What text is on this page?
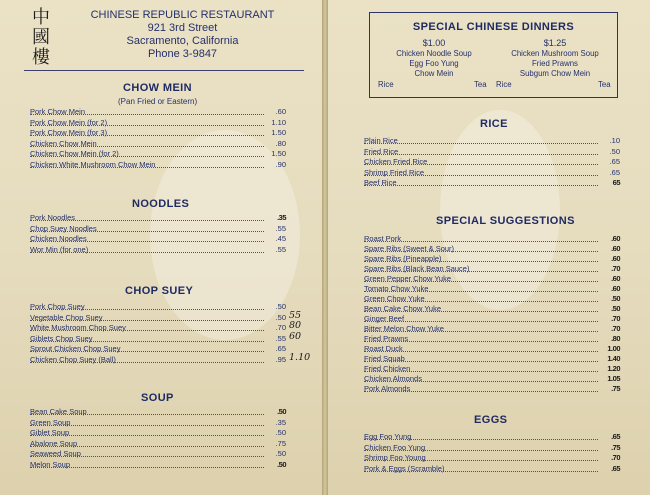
中
國
樓
CHINESE REPUBLIC RESTAURANT
921 3rd Street
Sacramento, California
Phone 3-9847
CHOW MEIN
(Pan Fried or Eastern)
NOODLES
CHOP SUEY
SOUP
SPECIAL CHINESE DINNERS
$1.00
Chicken Noodle Soup
Egg Foo Yung
Chow Mein
$1.25
Chicken Mushroom Soup
Fried Prawns
Subgum Chow Mein
Rice	Tea Rice	Tea
RICE
SPECIAL SUGGESTIONS
EGGS
Pork Chow Mein	.60
Pork Chow Mein (for 2)	1.10
Pork Chow Mein (for 3)	1.50
Chicken Chow Mein	.80
Chicken Chow Mein (for 2)	1.50
Chicken White Mushroom Chow Mein	.90
Pork Noodles	.35
Chop Suey Noodles	.55
Chicken Noodles	.45
Wor Min (for one)	.55
Pork Chop Suey	.50
Vegetable Chop Suey	.50 55
White Mushroom Chop Suey	.70 80
Giblets Chop Suey	.55 60
Sprout Chicken Chop Suey	.65
Chicken Chop Suey (Ball)	.95 1.10
Bean Cake Soup	.50
Green Soup	.35
Giblet Soup	.50
Abalone Soup	.75
Seaweed Soup	.50
Melon Soup	.50
Plain Rice	.10
Fried Rice	.50
Chicken Fried Rice	.65
Shrimp Fried Rice	.65
Beef Rice	65
Roast Pork	.60
Spare Ribs (Sweet & Sour)	.60
Spare Ribs (Pineapple)	.60
Spare Ribs (Black Bean Sauce)	.70
Green Pepper Chow Yuke	.60
Tomato Chow Yuke	.60
Green Chow Yuke	.50
Bean Cake Chow Yuke	.50
Ginger Beef	.70
Bitter Melon Chow Yuke	.70
Fried Prawns	.80
Roast Duck	1.00
Fried Squab	1.40
Fried Chicken	1.20
Chicken Almonds	1.05
Pork Almonds	.75
Egg Foo Yung	.65
Chicken Foo Yung	.75
Shrimp Foo Young	.70
Pork & Eggs (Scramble)	.65
